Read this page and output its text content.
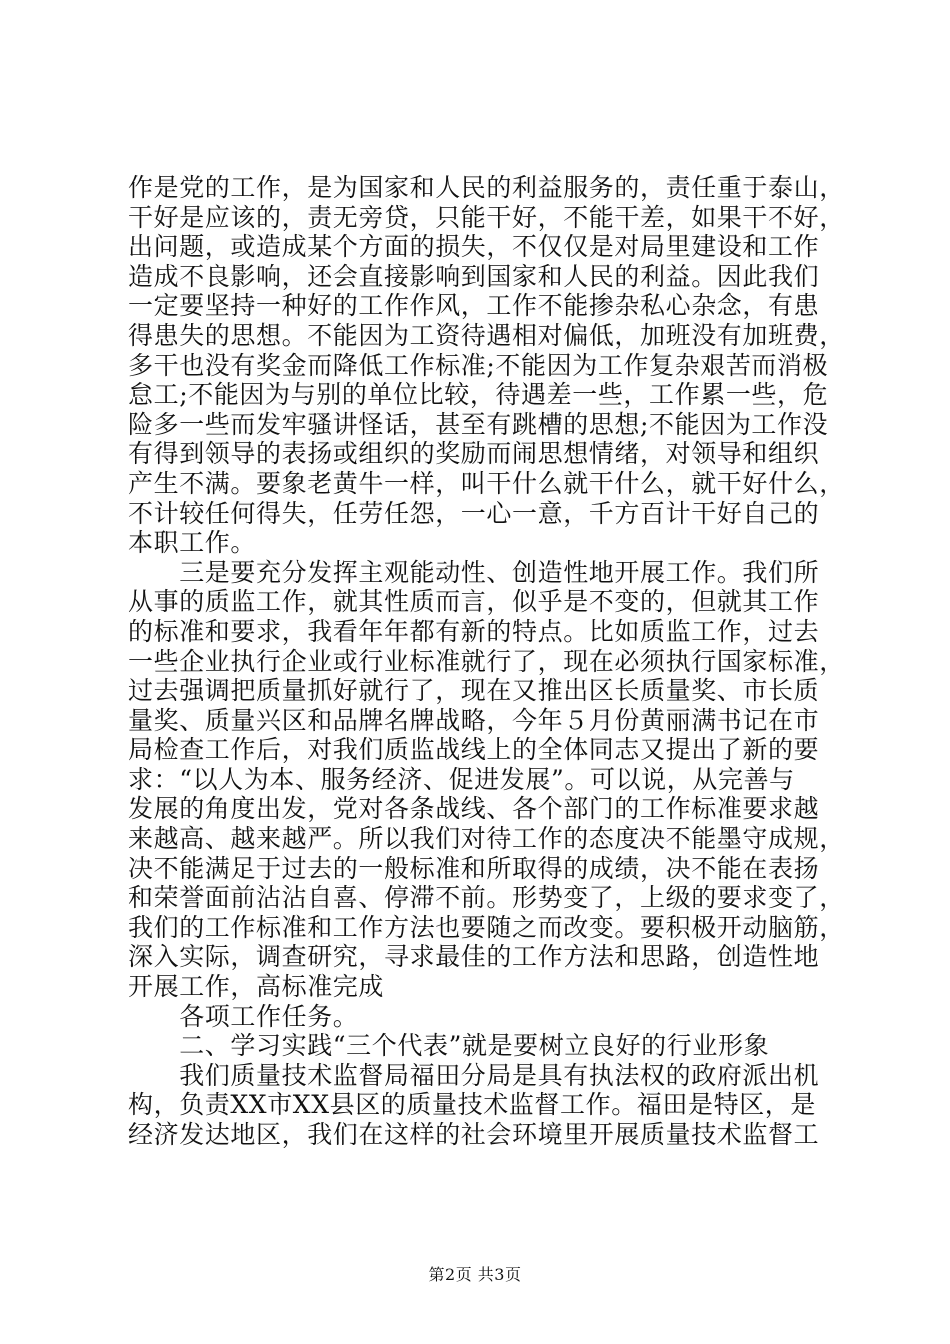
作是党的工作，是为国家和人民的利益服务的，责任重于泰山，
干好是应该的，责无旁贷，只能干好，不能干差，如果干不好，
出问题，或造成某个方面的损失，不仅仅是对局里建设和工作
造成不良影响，还会直接影响到国家和人民的利益。因此我们
一定要坚持一种好的工作作风，工作不能掺杂私心杂念，有患
得患失的思想。不能因为工资待遇相对偏低，加班没有加班费，
多干也没有奖金而降低工作标准;不能因为工作复杂艰苦而消极
怠工;不能因为与别的单位比较，待遇差一些，工作累一些，危
险多一些而发牢骚讲怪话，甚至有跳槽的思想;不能因为工作没
有得到领导的表扬或组织的奖励而闹思想情绪，对领导和组织
产生不满。要象老黄牛一样，叫干什么就干什么，就干好什么，
不计较任何得失，任劳任怨，一心一意，千方百计干好自己的
本职工作。
　　三是要充分发挥主观能动性、创造性地开展工作。我们所
从事的质监工作，就其性质而言，似乎是不变的，但就其工作
的标准和要求，我看年年都有新的特点。比如质监工作，过去
一些企业执行企业或行业标准就行了，现在必须执行国家标准，
过去强调把质量抓好就行了，现在又推出区长质量奖、市长质
量奖、质量兴区和品牌名牌战略，今年５月份黄丽满书记在市
局检查工作后，对我们质监战线上的全体同志又提出了新的要
求：“以人为本、服务经济、促进发展”。可以说，从完善与
发展的角度出发，党对各条战线、各个部门的工作标准要求越
来越高、越来越严。所以我们对待工作的态度决不能墨守成规，
决不能满足于过去的一般标准和所取得的成绩，决不能在表扬
和荣誉面前沾沾自喜、停滞不前。形势变了，上级的要求变了，
我们的工作标准和工作方法也要随之而改变。要积极开动脑筋，
深入实际，调查研究，寻求最佳的工作方法和思路，创造性地
开展工作，高标准完成
　　各项工作任务。
　　二、学习实践“三个代表”就是要树立良好的行业形象
　　我们质量技术监督局福田分局是具有执法权的政府派出机
构，负责XX市XX县区的质量技术监督工作。福田是特区，是
经济发达地区，我们在这样的社会环境里开展质量技术监督工
第2页 共3页
